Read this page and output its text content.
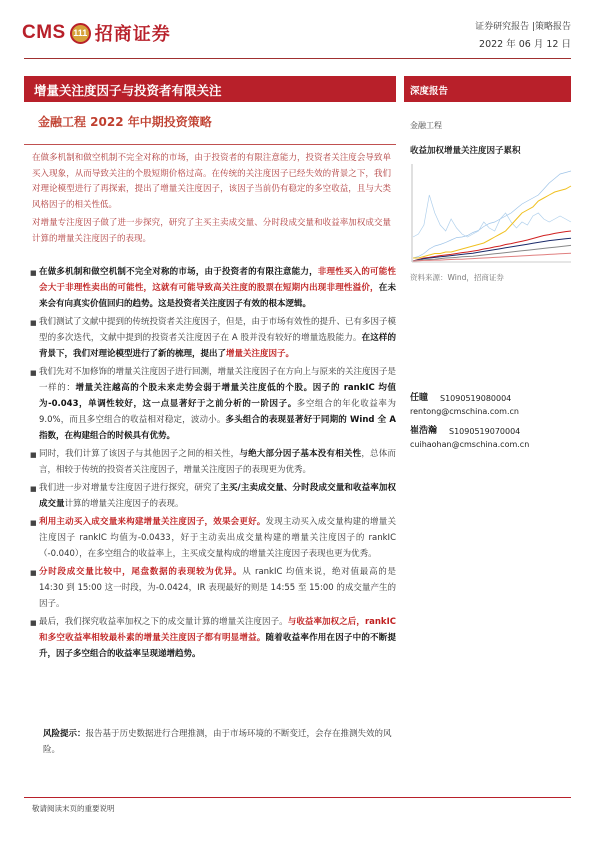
CMS 111 招商证券	证券研究报告 |策略报告
2022 年 06 月 12 日
增量关注度因子与投资者有限关注
金融工程 2022 年中期投资策略

在做多机制和做空机制不完全对称的市场，由于投资者的有限注意能力，投资者关注度会导致单买入现象，从而导致关注的个股短期价格过高。在传统的关注度因子已经失效的背景之下，我们对理论模型进行了再探索，提出了增量关注度因子，该因子当前仍有稳定的多空收益，且与大类风格因子的相关性低。

对增量专注度因子做了进一步探究，研究了主买主卖成交量、分时段成交量和收益率加权成交量计算的增量关注度因子的表现。

深度报告
金融工程
收益加权增量关注度因子累积
资料来源：Wind，招商证券
任瞳 S1090519080004
rentong@cmschina.com.cn
崔浩瀚 S1090519070004
cuihaohan@cmschina.com.cn
■ 在做多机制和做空机制不完全对称的市场，由于投资者的有限注意能力，非理性买入的可能性会大于非理性卖出的可能性，这就有可能导致高关注度的股票在短期内出现非理性溢价，在未来会有向真实价值回归的趋势。这是投资者关注度因子有效的根本逻辑。
■ 我们测试了文献中提到的传统投资者关注度因子，但是，由于市场有效性的提升、已有多因子模型的多次迭代，文献中提到的投资者关注度因子在 A 股并没有较好的增量选股能力。在这样的背景下，我们对理论模型进行了新的梳理，提出了增量关注度因子。
■ 我们先对不加修饰的增量关注度因子进行回测，增量关注度因子在方向上与原来的关注度因子是一样的：增量关注越高的个股未来走势会弱于增量关注度低的个股。因子的 rankIC 均值为-0.043，单调性较好，这一点显著好于之前分析的一阶因子。多空组合的年化收益率为 9.0%，而且多空组合的收益相对稳定，波动小。多头组合的表现显著好于同期的 Wind 全 A 指数，在构建组合的时候具有优势。
■ 同时，我们计算了该因子与其他因子之间的相关性，与绝大部分因子基本没有相关性，总体而言，相较于传统的投资者关注度因子，增量关注度因子的表现更为优秀。
■ 我们进一步对增量专注度因子进行探究，研究了主买/主卖成交量、分时段成交量和收益率加权成交量计算的增量关注度因子的表现。
■ 利用主动买入成交量来构建增量关注度因子，效果会更好。发现主动买入成交量构建的增量关注度因子 rankIC 均值为-0.0433，好于主动卖出成交量构建的增量关注度因子的 rankIC（-0.040），在多空组合的收益率上，主买成交量构成的增量关注度因子表现也更为优秀。
■ 分时段成交量比较中，尾盘数据的表现较为优异。从 rankIC 均值来说，绝对值最高的是 14:30 到 15:00 这一时段，为-0.0424，IR 表现最好的则是 14:55 至 15:00 的成交量产生的因子。
■ 最后，我们探究收益率加权之下的成交量计算的增量关注度因子。与收益率加权之后，rankIC 和多空收益率相较最朴素的增量关注度因子都有明显增益。随着收益率作用在因子中的不断提升，因子多空组合的收益率呈现递增趋势。
风险提示：报告基于历史数据进行合理推测，由于市场环境的不断变迁，会存在推测失效的风险。
敬请阅读末页的重要说明
